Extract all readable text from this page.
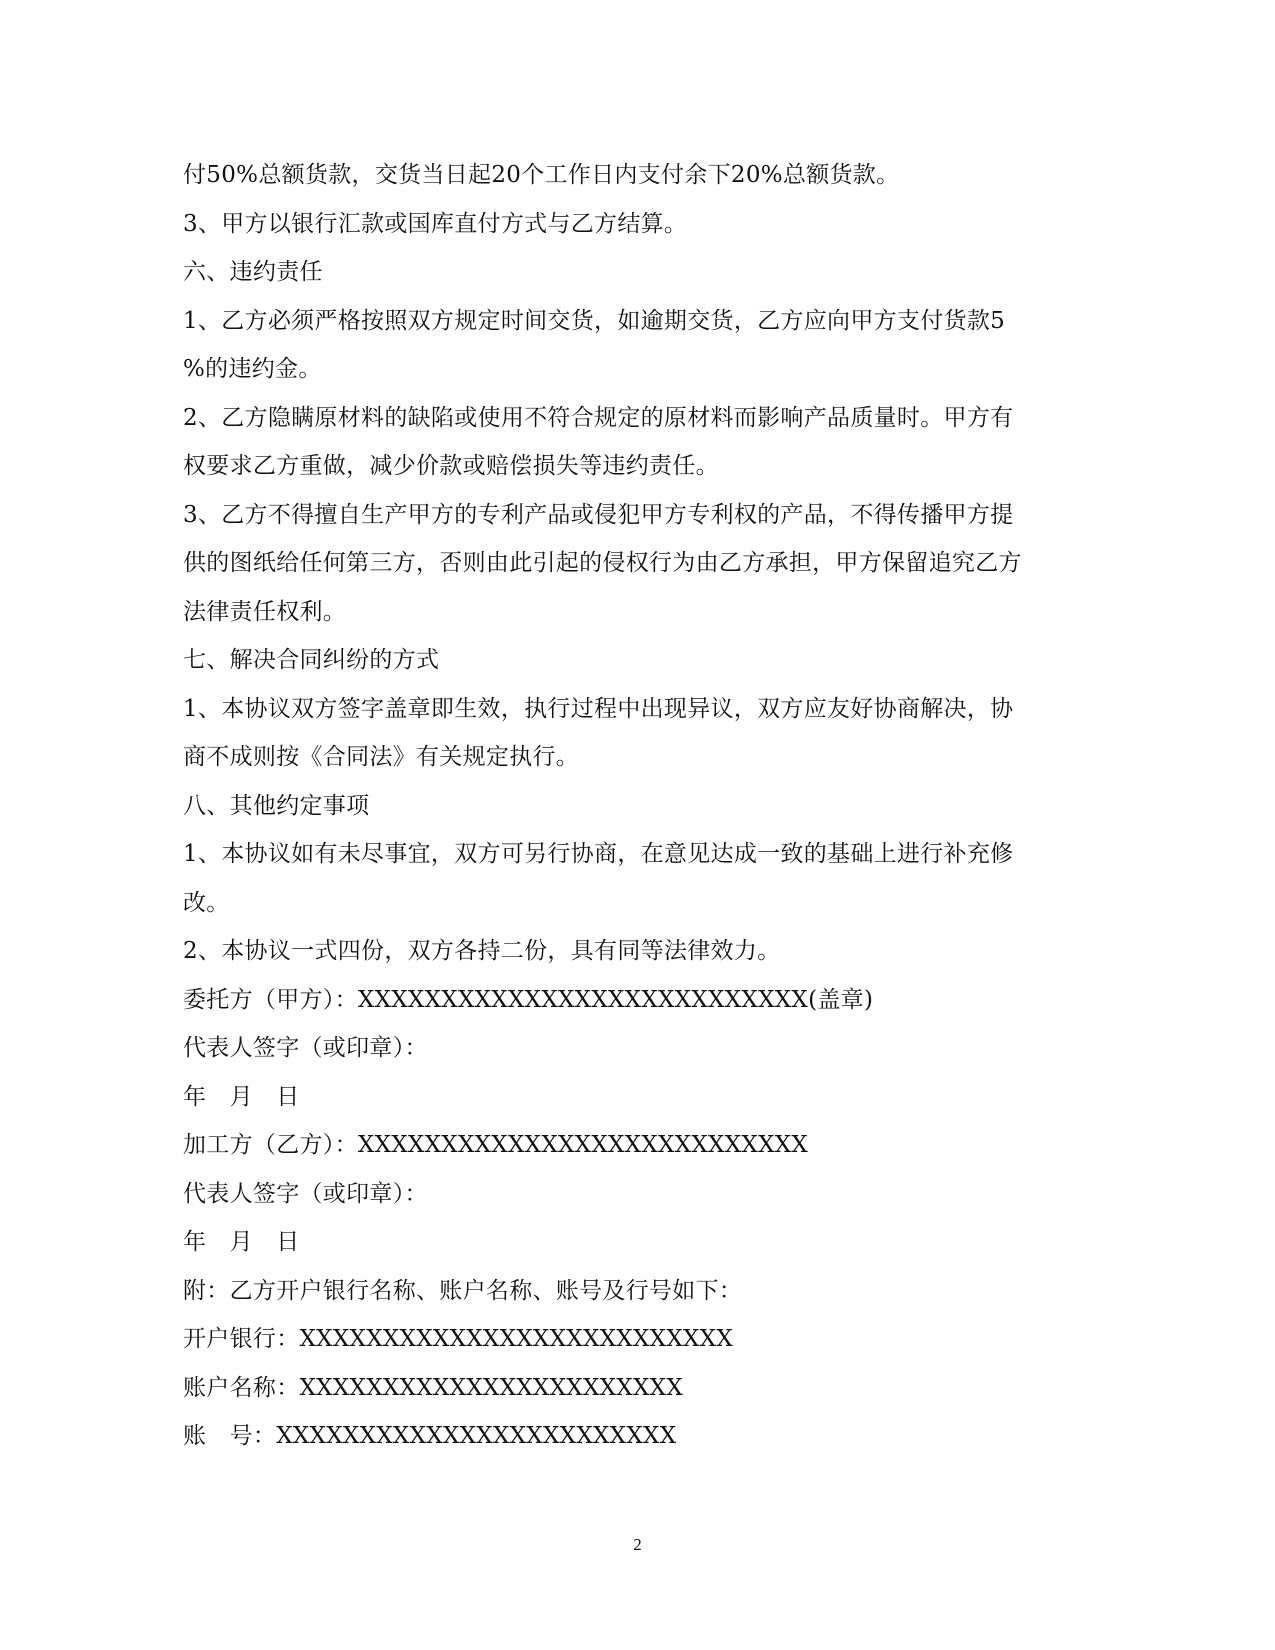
付50%总额货款，交货当日起20个工作日内支付余下20%总额货款。
3、甲方以银行汇款或国库直付方式与乙方结算。
六、违约责任
1、乙方必须严格按照双方规定时间交货，如逾期交货，乙方应向甲方支付货款5
%的违约金。
2、乙方隐瞒原材料的缺陷或使用不符合规定的原材料而影响产品质量时。甲方有
权要求乙方重做，减少价款或赔偿损失等违约责任。
3、乙方不得擅自生产甲方的专利产品或侵犯甲方专利权的产品，不得传播甲方提
供的图纸给任何第三方，否则由此引起的侵权行为由乙方承担，甲方保留追究乙方
法律责任权利。
七、解决合同纠纷的方式
1、本协议双方签字盖章即生效，执行过程中出现异议，双方应友好协商解决，协
商不成则按《合同法》有关规定执行。
八、其他约定事项
1、本协议如有未尽事宜，双方可另行协商，在意见达成一致的基础上进行补充修
改。
2、本协议一式四份，双方各持二份，具有同等法律效力。
委托方（甲方）：XXXXXXXXXXXXXXXXXXXXXXXXXXX(盖章)
代表人签字（或印章）：
年　月　日
加工方（乙方）：XXXXXXXXXXXXXXXXXXXXXXXXXXX
代表人签字（或印章）：
年　月　日
附：乙方开户银行名称、账户名称、账号及行号如下：
开户银行：XXXXXXXXXXXXXXXXXXXXXXXXXX
账户名称：XXXXXXXXXXXXXXXXXXXXXXX
账　号：XXXXXXXXXXXXXXXXXXXXXXXX
2
